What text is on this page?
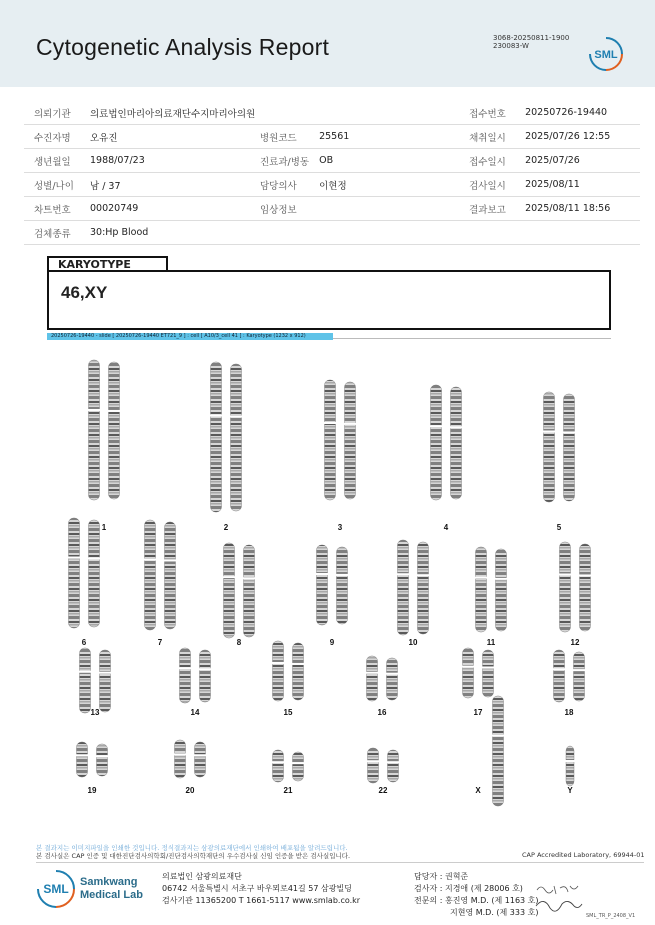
Cytogenetic Analysis Report	3068-20250811-1900
230083-W
SML
의뢰기관	의료법인마리아의료재단수지마리아의원			접수번호	20250726-19440
수진자명	오유진	병원코드	25561	채취일시	2025/07/26 12:55
생년월일	1988/07/23	진료과/병동	OB	접수일시	2025/07/26
성별/나이	남 / 37	담당의사	이현정	검사일시	2025/08/11
차트번호	00020749	임상정보		결과보고	2025/08/11 18:56
검체종류	30:Hp Blood				
KARYOTYPE
46,XY
20250726-19440 - slide [ 20250726-19440 ET721_9 ] : cell [ A10/3_cell 41 ] : Karyotype (1232 x 912)
1	2	3	4	5
6	7	8	9	10	11	12
13	14	15	16	17	18
19	20	21	22	X	Y
본 결과지는 이미지파일을 인쇄한 것입니다. 정식결과지는 삼광의료재단에서 인쇄하여 배포됨을 알려드립니다.
본 검사실은 CAP 인증 및 대한진단검사의학회/진단검사의학재단의 우수검사실 신임 인증을 받은 검사실입니다.	CAP Accredited Laboratory, 69944-01
SML Samkwang
Medical Lab
의료법인 삼광의료재단
06742 서울특별시 서초구 바우뫼로41길 57 삼광빌딩
검사기관 11365200 T 1661-5117 www.smlab.co.kr
담당자 : 권혁준
검사자 : 지경애 (제 28006 호)
전문의 : 홍진영 M.D. (제 1163 호)
지현영 M.D. (제 333 호)	SML_TR_P_2408_V1
